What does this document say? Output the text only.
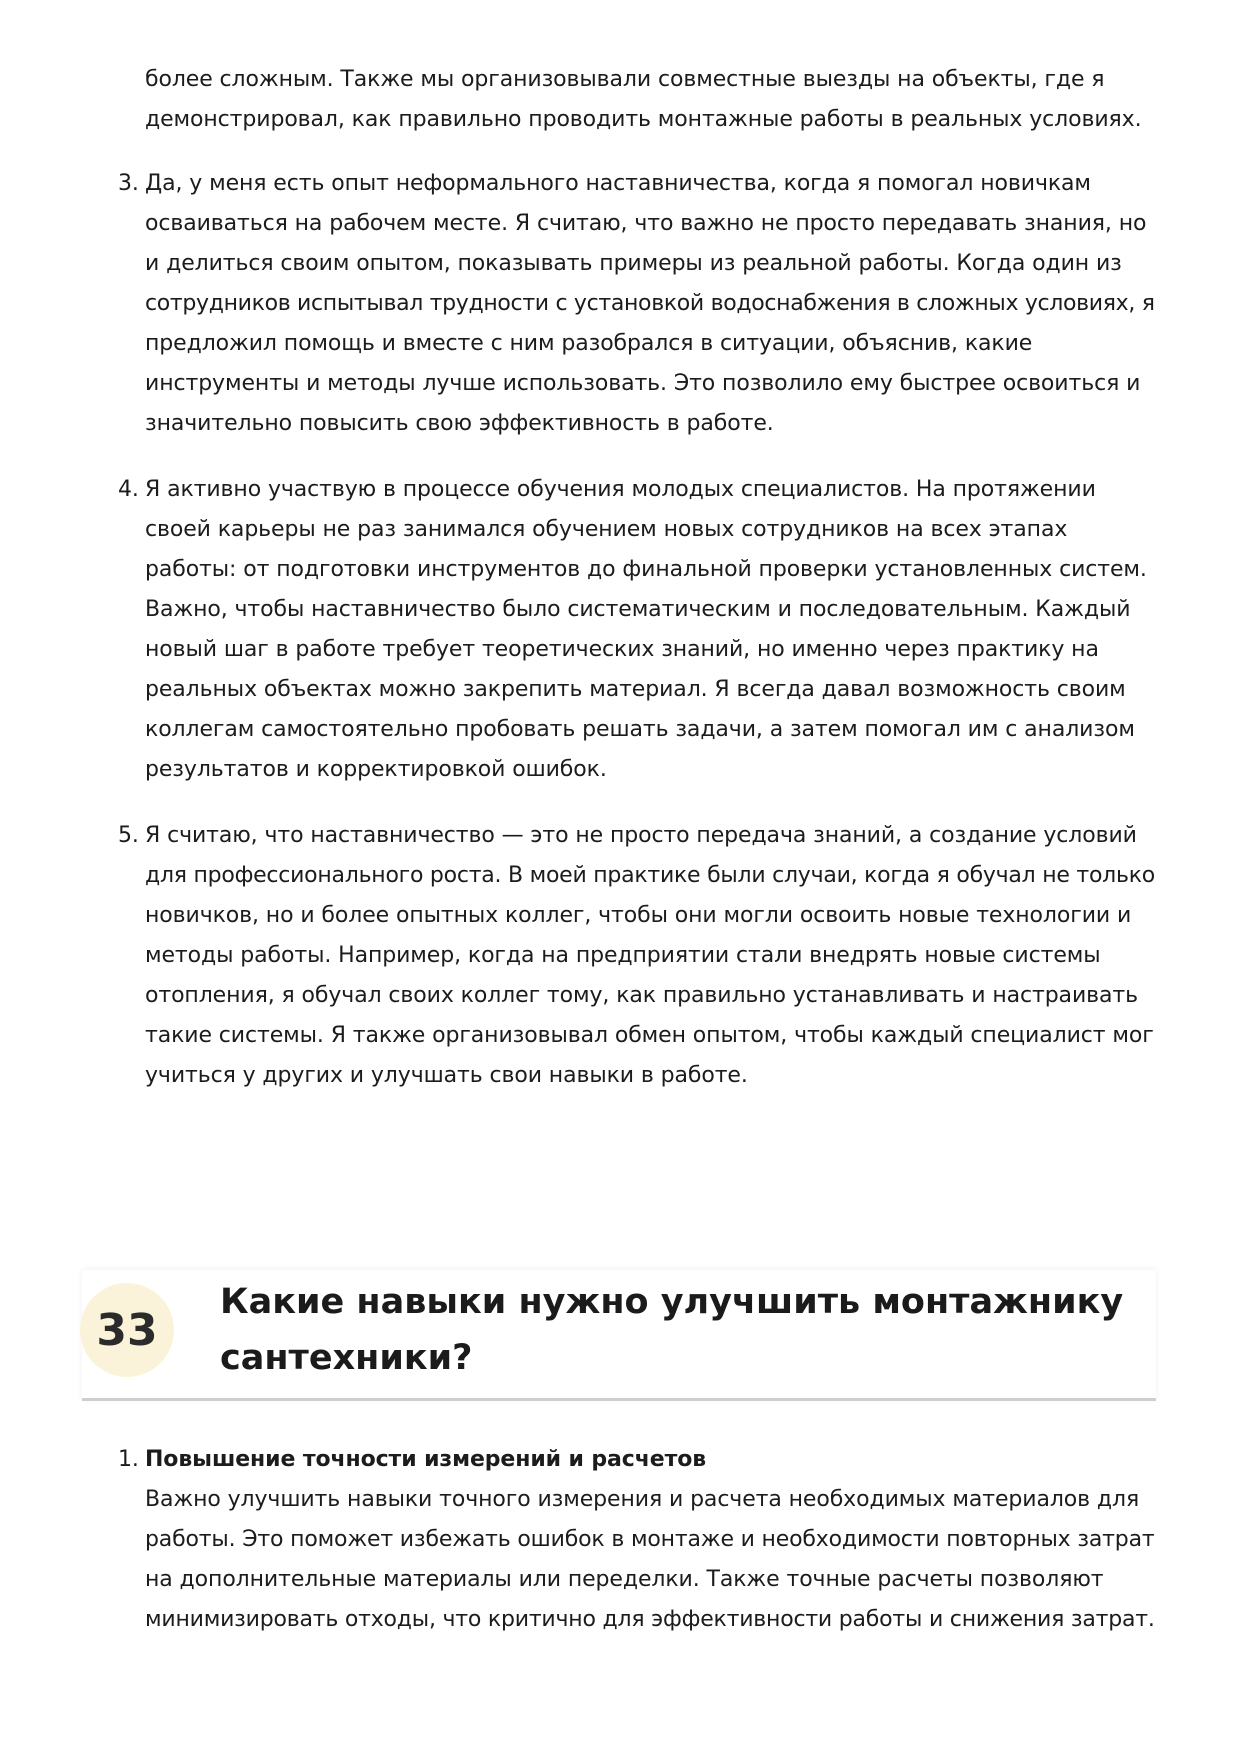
более сложным. Также мы организовывали совместные выезды на объекты, где я
демонстрировал, как правильно проводить монтажные работы в реальных условиях.
3. Да, у меня есть опыт неформального наставничества, когда я помогал новичкам
осваиваться на рабочем месте. Я считаю, что важно не просто передавать знания, но
и делиться своим опытом, показывать примеры из реальной работы. Когда один из
сотрудников испытывал трудности с установкой водоснабжения в сложных условиях, я
предложил помощь и вместе с ним разобрался в ситуации, объяснив, какие
инструменты и методы лучше использовать. Это позволило ему быстрее освоиться и
значительно повысить свою эффективность в работе.
4. Я активно участвую в процессе обучения молодых специалистов. На протяжении
своей карьеры не раз занимался обучением новых сотрудников на всех этапах
работы: от подготовки инструментов до финальной проверки установленных систем.
Важно, чтобы наставничество было систематическим и последовательным. Каждый
новый шаг в работе требует теоретических знаний, но именно через практику на
реальных объектах можно закрепить материал. Я всегда давал возможность своим
коллегам самостоятельно пробовать решать задачи, а затем помогал им с анализом
результатов и корректировкой ошибок.
5. Я считаю, что наставничество — это не просто передача знаний, а создание условий
для профессионального роста. В моей практике были случаи, когда я обучал не только
новичков, но и более опытных коллег, чтобы они могли освоить новые технологии и
методы работы. Например, когда на предприятии стали внедрять новые системы
отопления, я обучал своих коллег тому, как правильно устанавливать и настраивать
такие системы. Я также организовывал обмен опытом, чтобы каждый специалист мог
учиться у других и улучшать свои навыки в работе.
33
Какие навыки нужно улучшить монтажнику
сантехники?
1. Повышение точности измерений и расчетов
Важно улучшить навыки точного измерения и расчета необходимых материалов для
работы. Это поможет избежать ошибок в монтаже и необходимости повторных затрат
на дополнительные материалы или переделки. Также точные расчеты позволяют
минимизировать отходы, что критично для эффективности работы и снижения затрат.
